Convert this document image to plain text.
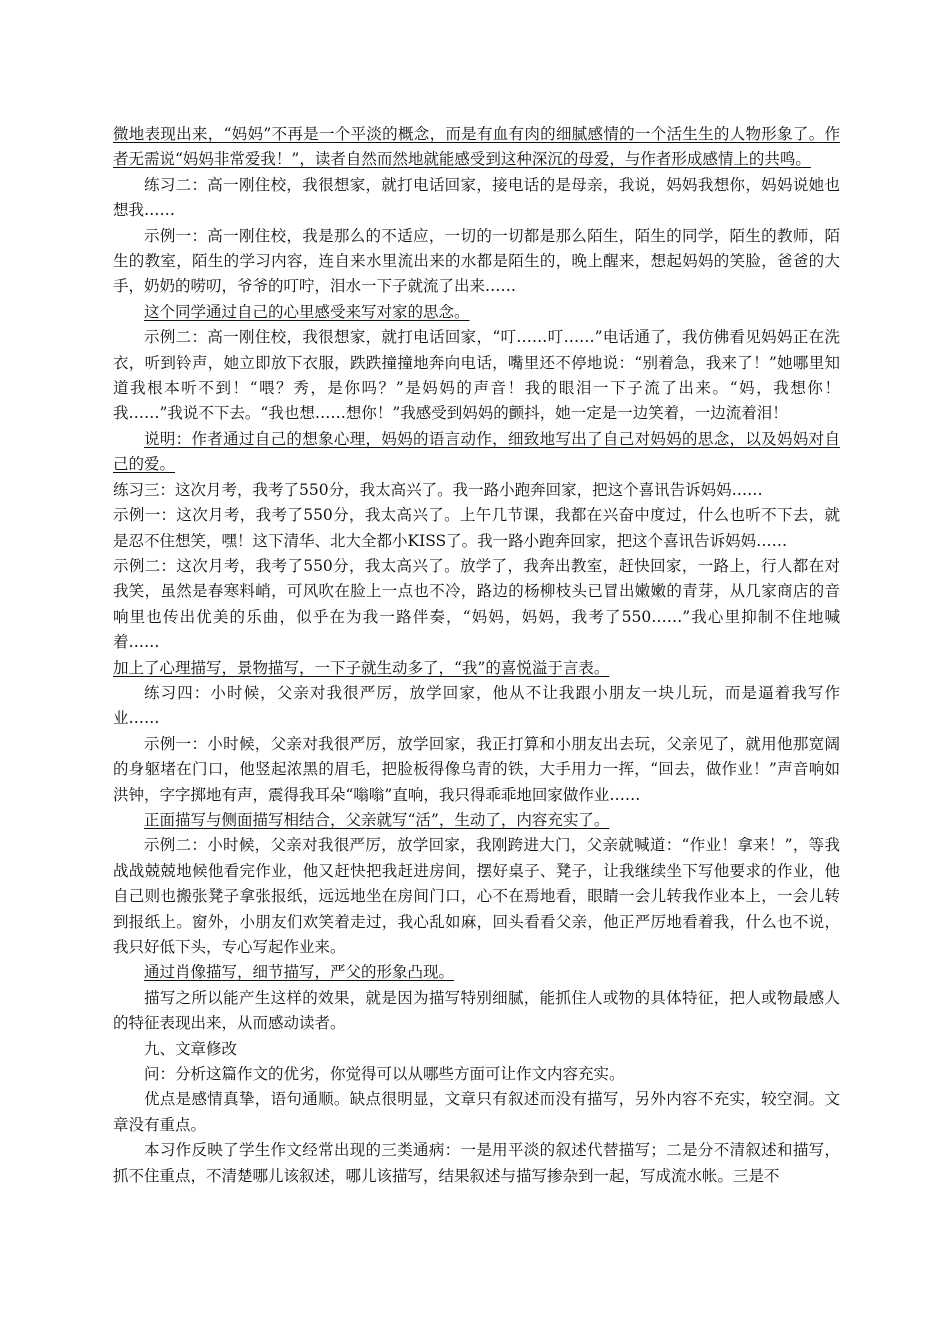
微地表现出来，“妈妈”不再是一个平淡的概念，而是有血有肉的细腻感情的一个活生生的人物形象了。作者无需说“妈妈非常爱我！”，读者自然而然地就能感受到这种深沉的母爱，与作者形成感情上的共鸣。

练习二：高一刚住校，我很想家，就打电话回家，接电话的是母亲，我说，妈妈我想你，妈妈说她也想我……

示例一：高一刚住校，我是那么的不适应，一切的一切都是那么陌生，陌生的同学，陌生的教师，陌生的教室，陌生的学习内容，连自来水里流出来的水都是陌生的，晚上醒来，想起妈妈的笑脸，爸爸的大手，奶奶的唠叨，爷爷的叮咛，泪水一下子就流了出来……

这个同学通过自己的心里感受来写对家的思念。

示例二：高一刚住校，我很想家，就打电话回家，“叮……叮……”电话通了，我仿佛看见妈妈正在洗衣，听到铃声，她立即放下衣服，跌跌撞撞地奔向电话，嘴里还不停地说：“别着急，我来了！”她哪里知道我根本听不到！“喂？秀，是你吗？”是妈妈的声音！我的眼泪一下子流了出来。“妈，我想你！我……”我说不下去。“我也想……想你！”我感受到妈妈的颤抖，她一定是一边笑着，一边流着泪！

说明：作者通过自己的想象心理，妈妈的语言动作，细致地写出了自己对妈妈的思念，以及妈妈对自己的爱。

练习三：这次月考，我考了550分，我太高兴了。我一路小跑奔回家，把这个喜讯告诉妈妈……

示例一：这次月考，我考了550分，我太高兴了。上午几节课，我都在兴奋中度过，什么也听不下去，就是忍不住想笑，嘿！这下清华、北大全都小KISS了。我一路小跑奔回家，把这个喜讯告诉妈妈……

示例二：这次月考，我考了550分，我太高兴了。放学了，我奔出教室，赶快回家，一路上，行人都在对我笑，虽然是春寒料峭，可风吹在脸上一点也不冷，路边的杨柳枝头已冒出嫩嫩的青芽，从几家商店的音响里也传出优美的乐曲，似乎在为我一路伴奏，“妈妈，妈妈，我考了550……”我心里抑制不住地喊着……

加上了心理描写，景物描写，一下子就生动多了，“我”的喜悦溢于言表。

练习四：小时候，父亲对我很严厉，放学回家，他从不让我跟小朋友一块儿玩，而是逼着我写作业……

示例一：小时候，父亲对我很严厉，放学回家，我正打算和小朋友出去玩，父亲见了，就用他那宽阔的身躯堵在门口，他竖起浓黑的眉毛，把脸板得像乌青的铁，大手用力一挥，“回去，做作业！”声音响如洪钟，字字掷地有声，震得我耳朵“嗡嗡”直响，我只得乖乖地回家做作业……

正面描写与侧面描写相结合，父亲就写“活”，生动了，内容充实了。

示例二：小时候，父亲对我很严厉，放学回家，我刚跨进大门，父亲就喊道：“作业！拿来！”，等我战战兢兢地候他看完作业，他又赶快把我赶进房间，摆好桌子、凳子，让我继续坐下写他要求的作业，他自己则也搬张凳子拿张报纸，远远地坐在房间门口，心不在焉地看，眼睛一会儿转我作业本上，一会儿转到报纸上。窗外，小朋友们欢笑着走过，我心乱如麻，回头看看父亲，他正严厉地看着我，什么也不说，我只好低下头，专心写起作业来。

通过肖像描写，细节描写，严父的形象凸现。

描写之所以能产生这样的效果，就是因为描写特别细腻，能抓住人或物的具体特征，把人或物最感人的特征表现出来，从而感动读者。

九、文章修改

问：分析这篇作文的优劣，你觉得可以从哪些方面可让作文内容充实。

优点是感情真挚，语句通顺。缺点很明显，文章只有叙述而没有描写，另外内容不充实，较空洞。文章没有重点。

本习作反映了学生作文经常出现的三类通病：一是用平淡的叙述代替描写；二是分不清叙述和描写，抓不住重点，不清楚哪儿该叙述，哪儿该描写，结果叙述与描写掺杂到一起，写成流水帐。三是不
